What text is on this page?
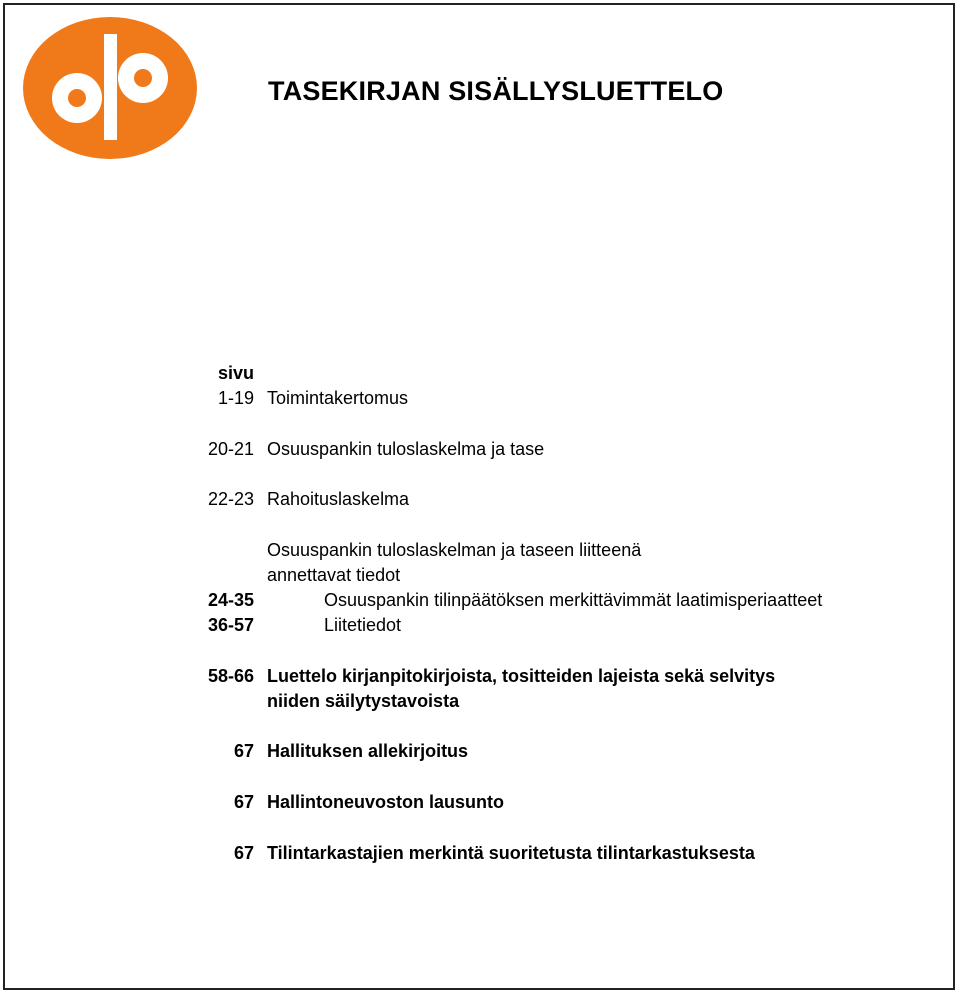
TASEKIRJAN SISÄLLYSLUETTELO
sivu
1-19 Toimintakertomus
20-21 Osuuspankin tuloslaskelma ja tase
22-23 Rahoituslaskelma
Osuuspankin tuloslaskelman ja taseen liitteenä
annettavat tiedot
24-35	Osuuspankin tilinpäätöksen merkittävimmät laatimisperiaatteet
36-57	Liitetiedot
58-66 Luettelo kirjanpitokirjoista, tositteiden lajeista sekä selvitys
niiden säilytystavoista
67 Hallituksen allekirjoitus
67 Hallintoneuvoston lausunto
67 Tilintarkastajien merkintä suoritetusta tilintarkastuksesta
